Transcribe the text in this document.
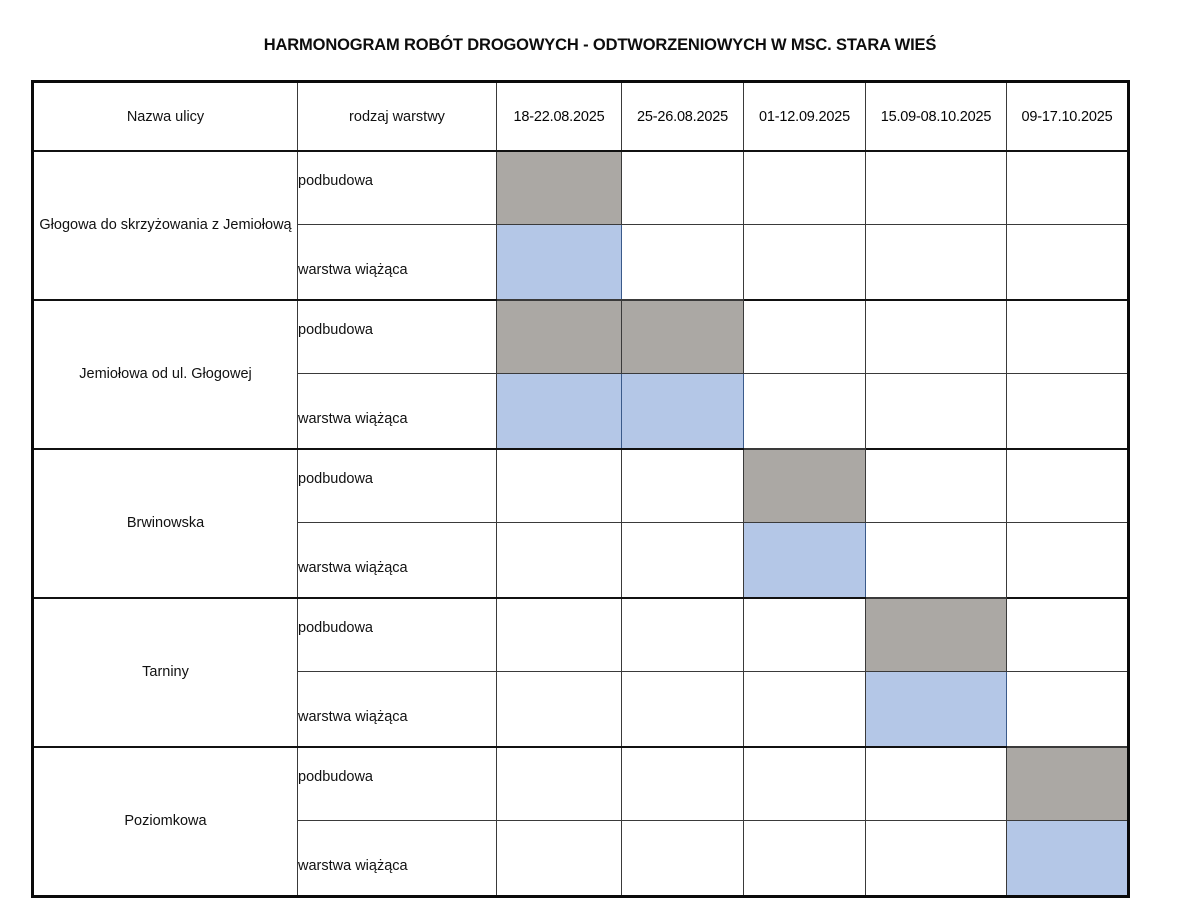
HARMONOGRAM ROBÓT DROGOWYCH - ODTWORZENIOWYCH W MSC. STARA WIEŚ
Nazwa ulicy	rodzaj warstwy	18-22.08.2025	25-26.08.2025	01-12.09.2025	15.09-08.10.2025	09-17.10.2025
Głogowa do skrzyżowania z Jemiołową	podbudowa					
	warstwa wiążąca					
Jemiołowa od ul. Głogowej	podbudowa					
	warstwa wiążąca					
Brwinowska	podbudowa					
	warstwa wiążąca					
Tarniny	podbudowa					
	warstwa wiążąca					
Poziomkowa	podbudowa					
	warstwa wiążąca					
